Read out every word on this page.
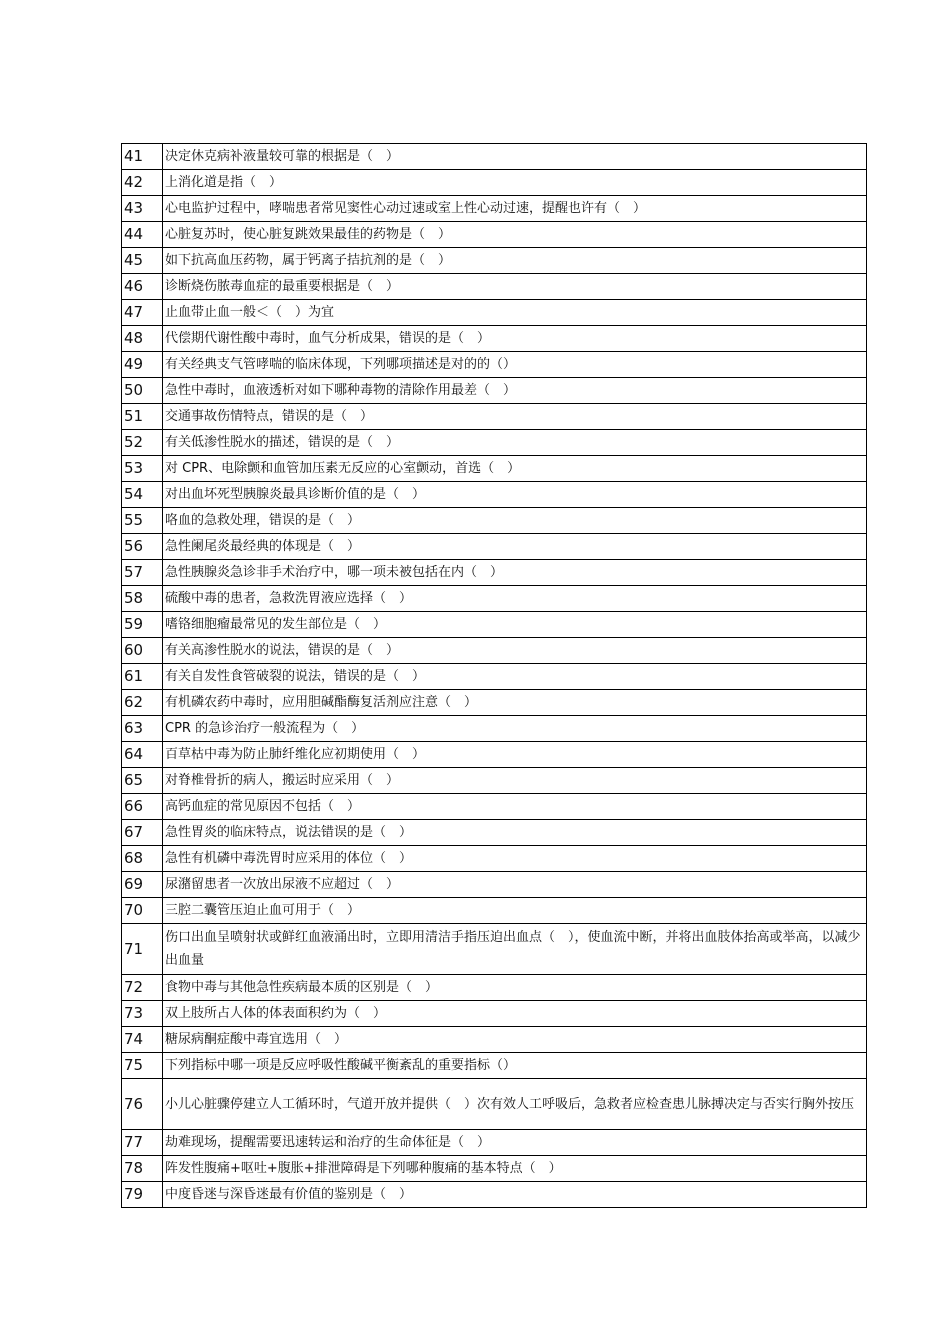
41	决定休克病补液量较可靠的根据是（　）
42	上消化道是指（　）
43	心电监护过程中，哮喘患者常见窦性心动过速或室上性心动过速，提醒也许有（　）
44	心脏复苏时，使心脏复跳效果最佳的药物是（　）
45	如下抗高血压药物，属于钙离子拮抗剂的是（　）
46	诊断烧伤脓毒血症的最重要根据是（　）
47	止血带止血一般＜（　）为宜
48	代偿期代谢性酸中毒时，血气分析成果，错误的是（　）
49	有关经典支气管哮喘的临床体现，下列哪项描述是对的的（）
50	急性中毒时，血液透析对如下哪种毒物的清除作用最差（　）
51	交通事故伤情特点，错误的是（　）
52	有关低渗性脱水的描述，错误的是（　）
53	对 CPR、电除颤和血管加压素无反应的心室颤动，首选（　）
54	对出血坏死型胰腺炎最具诊断价值的是（　）
55	咯血的急救处理，错误的是（　）
56	急性阑尾炎最经典的体现是（　）
57	急性胰腺炎急诊非手术治疗中，哪一项未被包括在内（　）
58	硫酸中毒的患者，急救洗胃液应选择（　）
59	嗜铬细胞瘤最常见的发生部位是（　）
60	有关高渗性脱水的说法，错误的是（　）
61	有关自发性食管破裂的说法，错误的是（　）
62	有机磷农药中毒时，应用胆碱酯酶复活剂应注意（　）
63	CPR 的急诊治疗一般流程为（　）
64	百草枯中毒为防止肺纤维化应初期使用（　）
65	对脊椎骨折的病人，搬运时应采用（　）
66	高钙血症的常见原因不包括（　）
67	急性胃炎的临床特点，说法错误的是（　）
68	急性有机磷中毒洗胃时应采用的体位（　）
69	尿潴留患者一次放出尿液不应超过（　）
70	三腔二囊管压迫止血可用于（　）
71	伤口出血呈喷射状或鲜红血液涌出时，立即用清洁手指压迫出血点（　），使血流中断，并将出血肢体抬高或举高，以减少出血量
72	食物中毒与其他急性疾病最本质的区别是（　）
73	双上肢所占人体的体表面积约为（　）
74	糖尿病酮症酸中毒宜选用（　）
75	下列指标中哪一项是反应呼吸性酸碱平衡紊乱的重要指标（）
76	小儿心脏骤停建立人工循环时，气道开放并提供（　）次有效人工呼吸后，急救者应检查患儿脉搏决定与否实行胸外按压
77	劫难现场，提醒需要迅速转运和治疗的生命体征是（　）
78	阵发性腹痛+呕吐+腹胀+排泄障碍是下列哪种腹痛的基本特点（　）
79	中度昏迷与深昏迷最有价值的鉴别是（　）
